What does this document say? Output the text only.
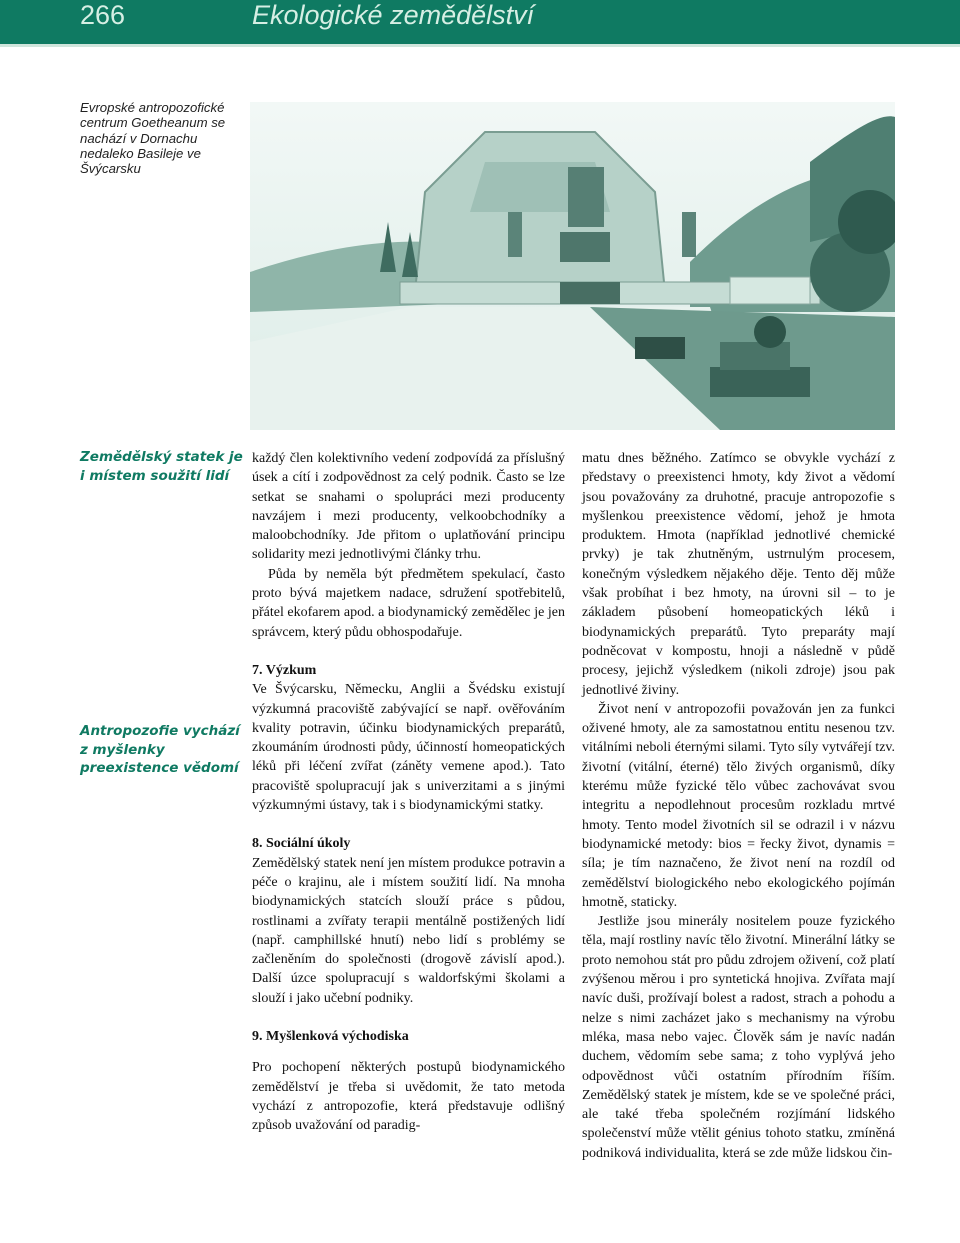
266	Ekologické zemědělství
Evropské antropozofické centrum Goetheanum se nachází v Dornachu nedaleko Basileje ve Švýcarsku
Zemědělský statek je
i místem soužití lidí
Antropozofie vychází
z myšlenky
preexistence vědomí

každý člen kolektivního vedení zodpovídá za příslušný úsek a cítí i zodpovědnost za celý podnik. Často se lze setkat se snahami o spolupráci mezi producenty navzájem i mezi producenty, velkoobchodníky a maloobchodníky. Jde přitom o uplatňování principu solidarity mezi jednotlivými články trhu.

Půda by neměla být předmětem spekulací, často proto bývá majetkem nadace, sdružení spotřebitelů, přátel ekofarem apod. a biodynamický zemědělec je jen správcem, který půdu obhospodařuje.

7. Výzkum

Ve Švýcarsku, Německu, Anglii a Švédsku existují výzkumná pracoviště zabývající se např. ověřováním kvality potravin, účinku biodynamických preparátů, zkoumáním úrodnosti půdy, účinností homeopatických léků při léčení zvířat (záněty vemene apod.). Tato pracoviště spolupracují jak s univerzitami a s jinými výzkumnými ústavy, tak i s biodynamickými statky.

8. Sociální úkoly

Zemědělský statek není jen místem produkce potravin a péče o krajinu, ale i místem soužití lidí. Na mnoha biodynamických statcích slouží práce s půdou, rostlinami a zvířaty terapii mentálně postižených lidí (např. camphillské hnutí) nebo lidí s problémy se začleněním do společnosti (drogově závislí apod.). Další úzce spolupracují s waldorfskými školami a slouží i jako učební podniky.

9. Myšlenková východiska

Pro pochopení některých postupů biodynamického zemědělství je třeba si uvědomit, že tato metoda vychází z antropozofie, která představuje odlišný způsob uvažování od paradig-

matu dnes běžného. Zatímco se obvykle vychází z představy o preexistenci hmoty, kdy život a vědomí jsou považovány za druhotné, pracuje antropozofie s myšlenkou preexistence vědomí, jehož je hmota produktem. Hmota (například jednotlivé chemické prvky) je tak zhutněným, ustrnulým procesem, konečným výsledkem nějakého děje. Tento děj může však probíhat i bez hmoty, na úrovni sil – to je základem působení homeopatických léků i biodynamických preparátů. Tyto preparáty mají podněcovat v kompostu, hnoji a následně v půdě procesy, jejichž výsledkem (nikoli zdroje) jsou pak jednotlivé živiny.

Život není v antropozofii považován jen za funkci oživené hmoty, ale za samostatnou entitu nesenou tzv. vitálními neboli éternými silami. Tyto síly vytvářejí tzv. životní (vitální, éterné) tělo živých organismů, díky kterému může fyzické tělo vůbec zachovávat svou integritu a nepodlehnout procesům rozkladu mrtvé hmoty. Tento model životních sil se odrazil i v názvu biodynamické metody: bios = řecky život, dynamis = síla; je tím naznačeno, že život není na rozdíl od zemědělství biologického nebo ekologického pojímán hmotně, staticky.

Jestliže jsou minerály nositelem pouze fyzického těla, mají rostliny navíc tělo životní. Minerální látky se proto nemohou stát pro půdu zdrojem oživení, což platí zvýšenou měrou i pro syntetická hnojiva. Zvířata mají navíc duši, prožívají bolest a radost, strach a pohodu a nelze s nimi zacházet jako s mechanismy na výrobu mléka, masa nebo vajec. Člověk sám je navíc nadán duchem, vědomím sebe sama; z toho vyplývá jeho odpovědnost vůči ostatním přírodním říším. Zemědělský statek je místem, kde se ve společné práci, ale také třeba společném rozjímání lidského společenství může vtělit génius tohoto statku, zmíněná podniková individualita, která se zde může lidskou čin-
